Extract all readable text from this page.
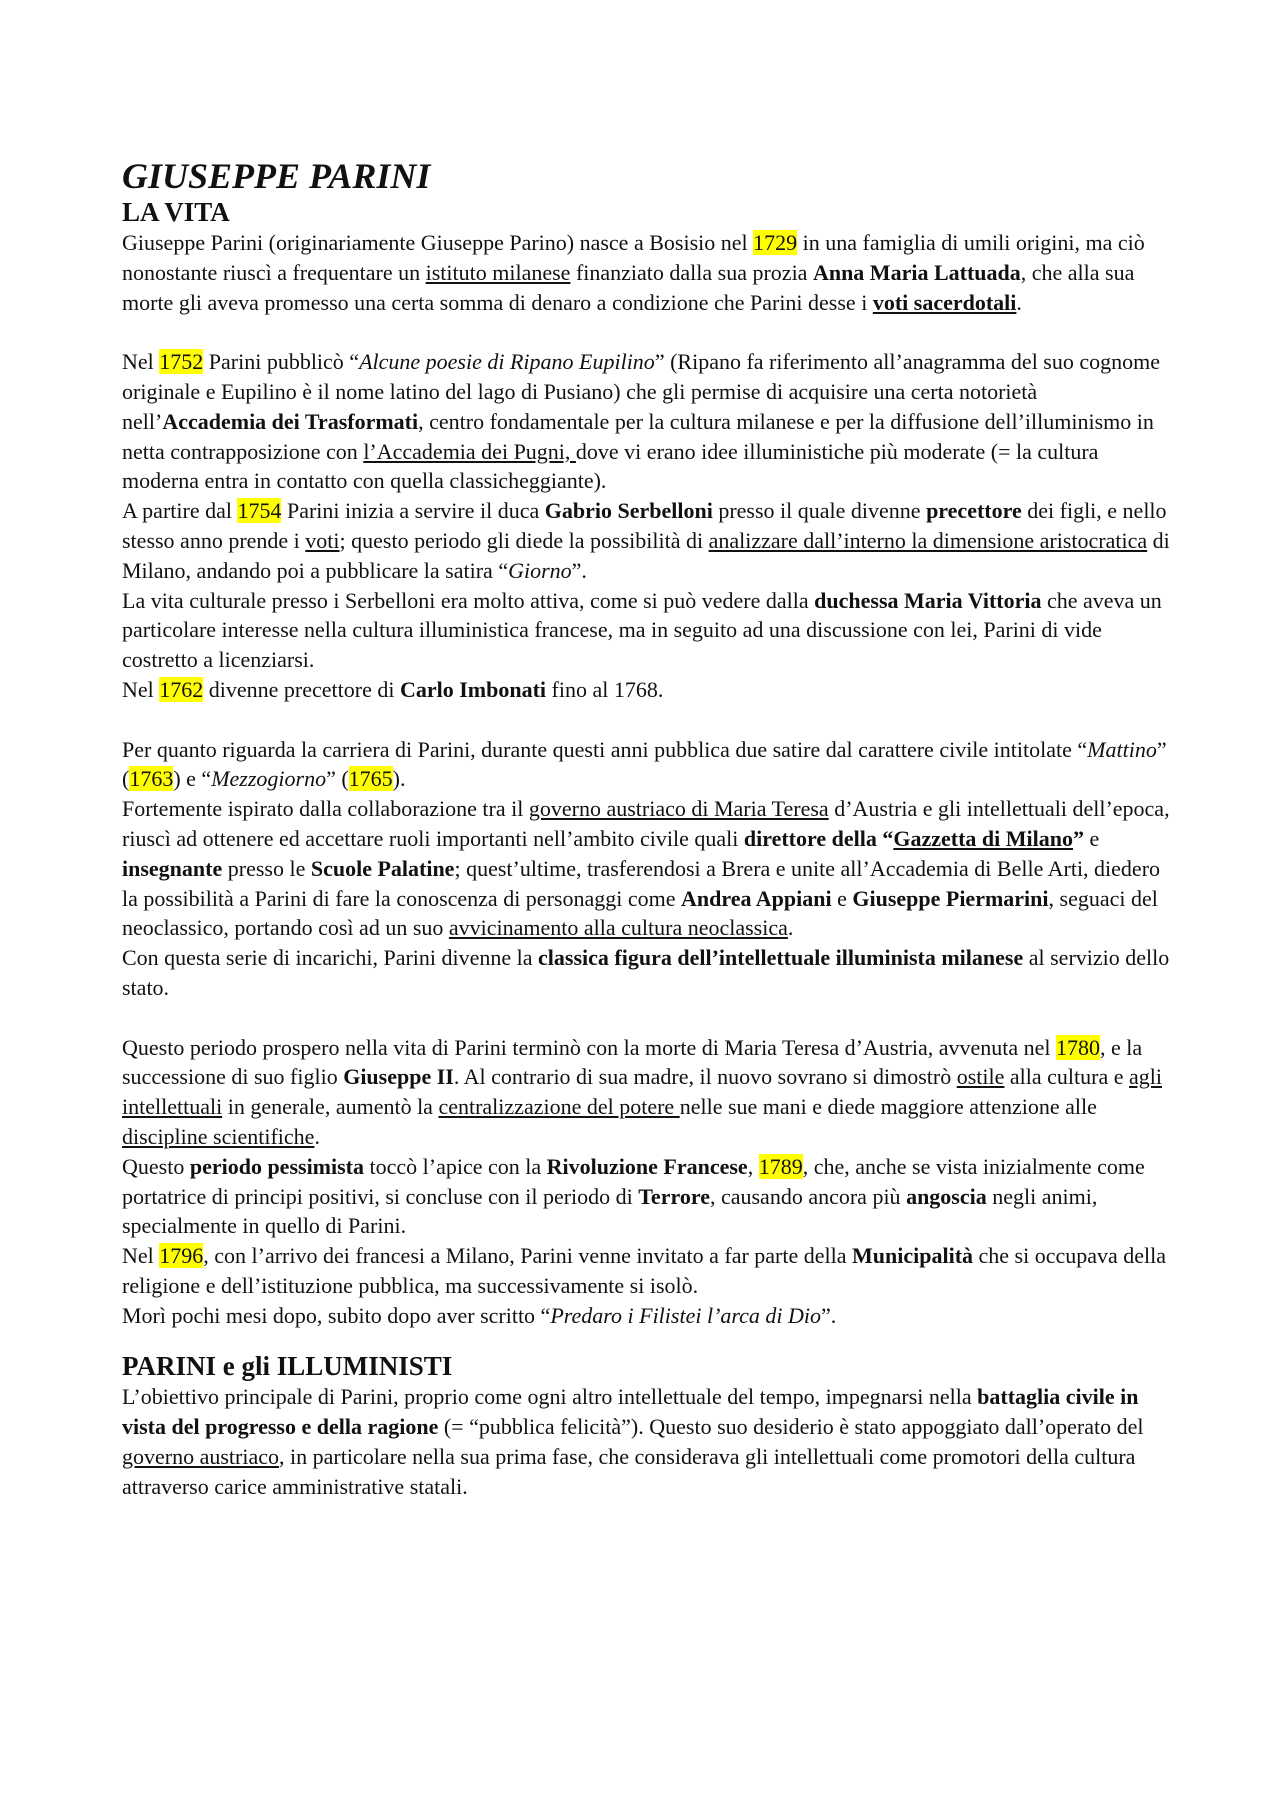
GIUSEPPE PARINI
LA VITA

Giuseppe Parini (originariamente Giuseppe Parino) nasce a Bosisio nel 1729 in una famiglia di umili origini, ma ciò nonostante riuscì a frequentare un istituto milanese finanziato dalla sua prozia Anna Maria Lattuada, che alla sua morte gli aveva promesso una certa somma di denaro a condizione che Parini desse i voti sacerdotali.

Nel 1752 Parini pubblicò “Alcune poesie di Ripano Eupilino” (Ripano fa riferimento all’anagramma del suo cognome originale e Eupilino è il nome latino del lago di Pusiano) che gli permise di acquisire una certa notorietà nell’Accademia dei Trasformati, centro fondamentale per la cultura milanese e per la diffusione dell’illuminismo in netta contrapposizione con l’Accademia dei Pugni, dove vi erano idee illuministiche più moderate (= la cultura moderna entra in contatto con quella classicheggiante).

A partire dal 1754 Parini inizia a servire il duca Gabrio Serbelloni presso il quale divenne precettore dei figli, e nello stesso anno prende i voti; questo periodo gli diede la possibilità di analizzare dall’interno la dimensione aristocratica di Milano, andando poi a pubblicare la satira “Giorno”.

La vita culturale presso i Serbelloni era molto attiva, come si può vedere dalla duchessa Maria Vittoria che aveva un particolare interesse nella cultura illuministica francese, ma in seguito ad una discussione con lei, Parini di vide costretto a licenziarsi.

Nel 1762 divenne precettore di Carlo Imbonati fino al 1768.

Per quanto riguarda la carriera di Parini, durante questi anni pubblica due satire dal carattere civile intitolate “Mattino” (1763) e “Mezzogiorno” (1765).

Fortemente ispirato dalla collaborazione tra il governo austriaco di Maria Teresa d’Austria e gli intellettuali dell’epoca, riuscì ad ottenere ed accettare ruoli importanti nell’ambito civile quali direttore della “Gazzetta di Milano” e insegnante presso le Scuole Palatine; quest’ultime, trasferendosi a Brera e unite all’Accademia di Belle Arti, diedero la possibilità a Parini di fare la conoscenza di personaggi come Andrea Appiani e Giuseppe Piermarini, seguaci del neoclassico, portando così ad un suo avvicinamento alla cultura neoclassica.

Con questa serie di incarichi, Parini divenne la classica figura dell’intellettuale illuminista milanese al servizio dello stato.

Questo periodo prospero nella vita di Parini terminò con la morte di Maria Teresa d’Austria, avvenuta nel 1780, e la successione di suo figlio Giuseppe II. Al contrario di sua madre, il nuovo sovrano si dimostrò ostile alla cultura e agli intellettuali in generale, aumentò la centralizzazione del potere nelle sue mani e diede maggiore attenzione alle discipline scientifiche.

Questo periodo pessimista toccò l’apice con la Rivoluzione Francese, 1789, che, anche se vista inizialmente come portatrice di principi positivi, si concluse con il periodo di Terrore, causando ancora più angoscia negli animi, specialmente in quello di Parini.

Nel 1796, con l’arrivo dei francesi a Milano, Parini venne invitato a far parte della Municipalità che si occupava della religione e dell’istituzione pubblica, ma successivamente si isolò.

Morì pochi mesi dopo, subito dopo aver scritto “Predaro i Filistei l’arca di Dio”.

PARINI e gli ILLUMINISTI

L’obiettivo principale di Parini, proprio come ogni altro intellettuale del tempo, impegnarsi nella battaglia civile in vista del progresso e della ragione (= “pubblica felicità”). Questo suo desiderio è stato appoggiato dall’operato del governo austriaco, in particolare nella sua prima fase, che considerava gli intellettuali come promotori della cultura attraverso carice amministrative statali.
